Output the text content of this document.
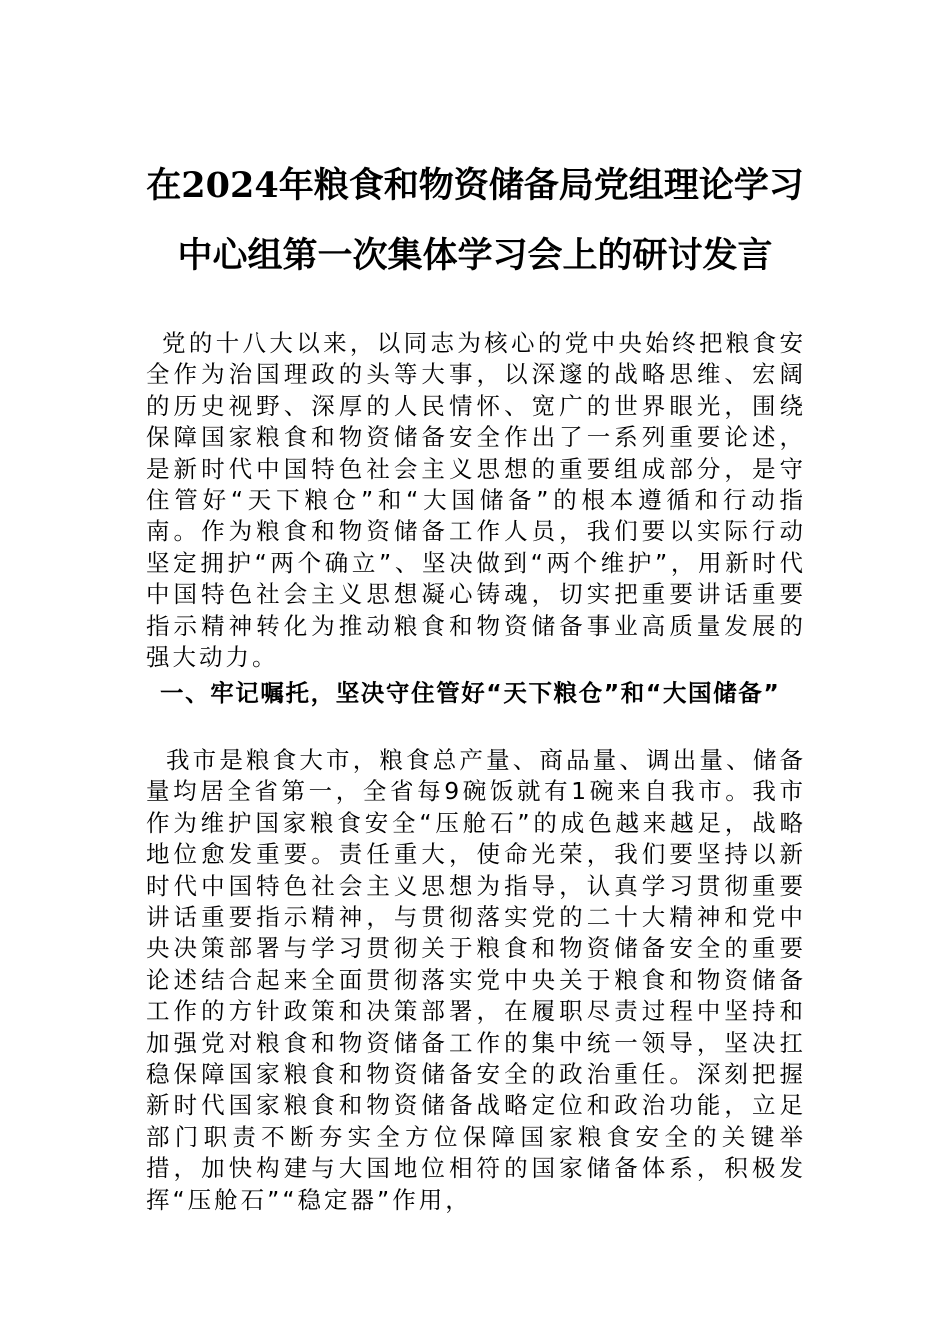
在2024年粮食和物资储备局党组理论学习
中心组第一次集体学习会上的研讨发言

党的十八大以来，以同志为核心的党中央始终把粮食安全作为治国理政的头等大事，以深邃的战略思维、宏阔的历史视野、深厚的人民情怀、宽广的世界眼光，围绕保障国家粮食和物资储备安全作出了一系列重要论述，是新时代中国特色社会主义思想的重要组成部分，是守住管好“天下粮仓”和“大国储备”的根本遵循和行动指南。作为粮食和物资储备工作人员，我们要以实际行动坚定拥护“两个确立”、坚决做到“两个维护”，用新时代中国特色社会主义思想凝心铸魂，切实把重要讲话重要指示精神转化为推动粮食和物资储备事业高质量发展的强大动力。

一、牢记嘱托，坚决守住管好“天下粮仓”和“大国储备”

我市是粮食大市，粮食总产量、商品量、调出量、储备量均居全省第一，全省每9碗饭就有1碗来自我市。我市作为维护国家粮食安全“压舱石”的成色越来越足，战略地位愈发重要。责任重大，使命光荣，我们要坚持以新时代中国特色社会主义思想为指导，认真学习贯彻重要讲话重要指示精神，与贯彻落实党的二十大精神和党中央决策部署与学习贯彻关于粮食和物资储备安全的重要论述结合起来全面贯彻落实党中央关于粮食和物资储备工作的方针政策和决策部署，在履职尽责过程中坚持和加强党对粮食和物资储备工作的集中统一领导，坚决扛稳保障国家粮食和物资储备安全的政治重任。深刻把握新时代国家粮食和物资储备战略定位和政治功能，立足部门职责不断夯实全方位保障国家粮食安全的关键举措，加快构建与大国地位相符的国家储备体系，积极发挥“压舱石”“稳定器”作用，
